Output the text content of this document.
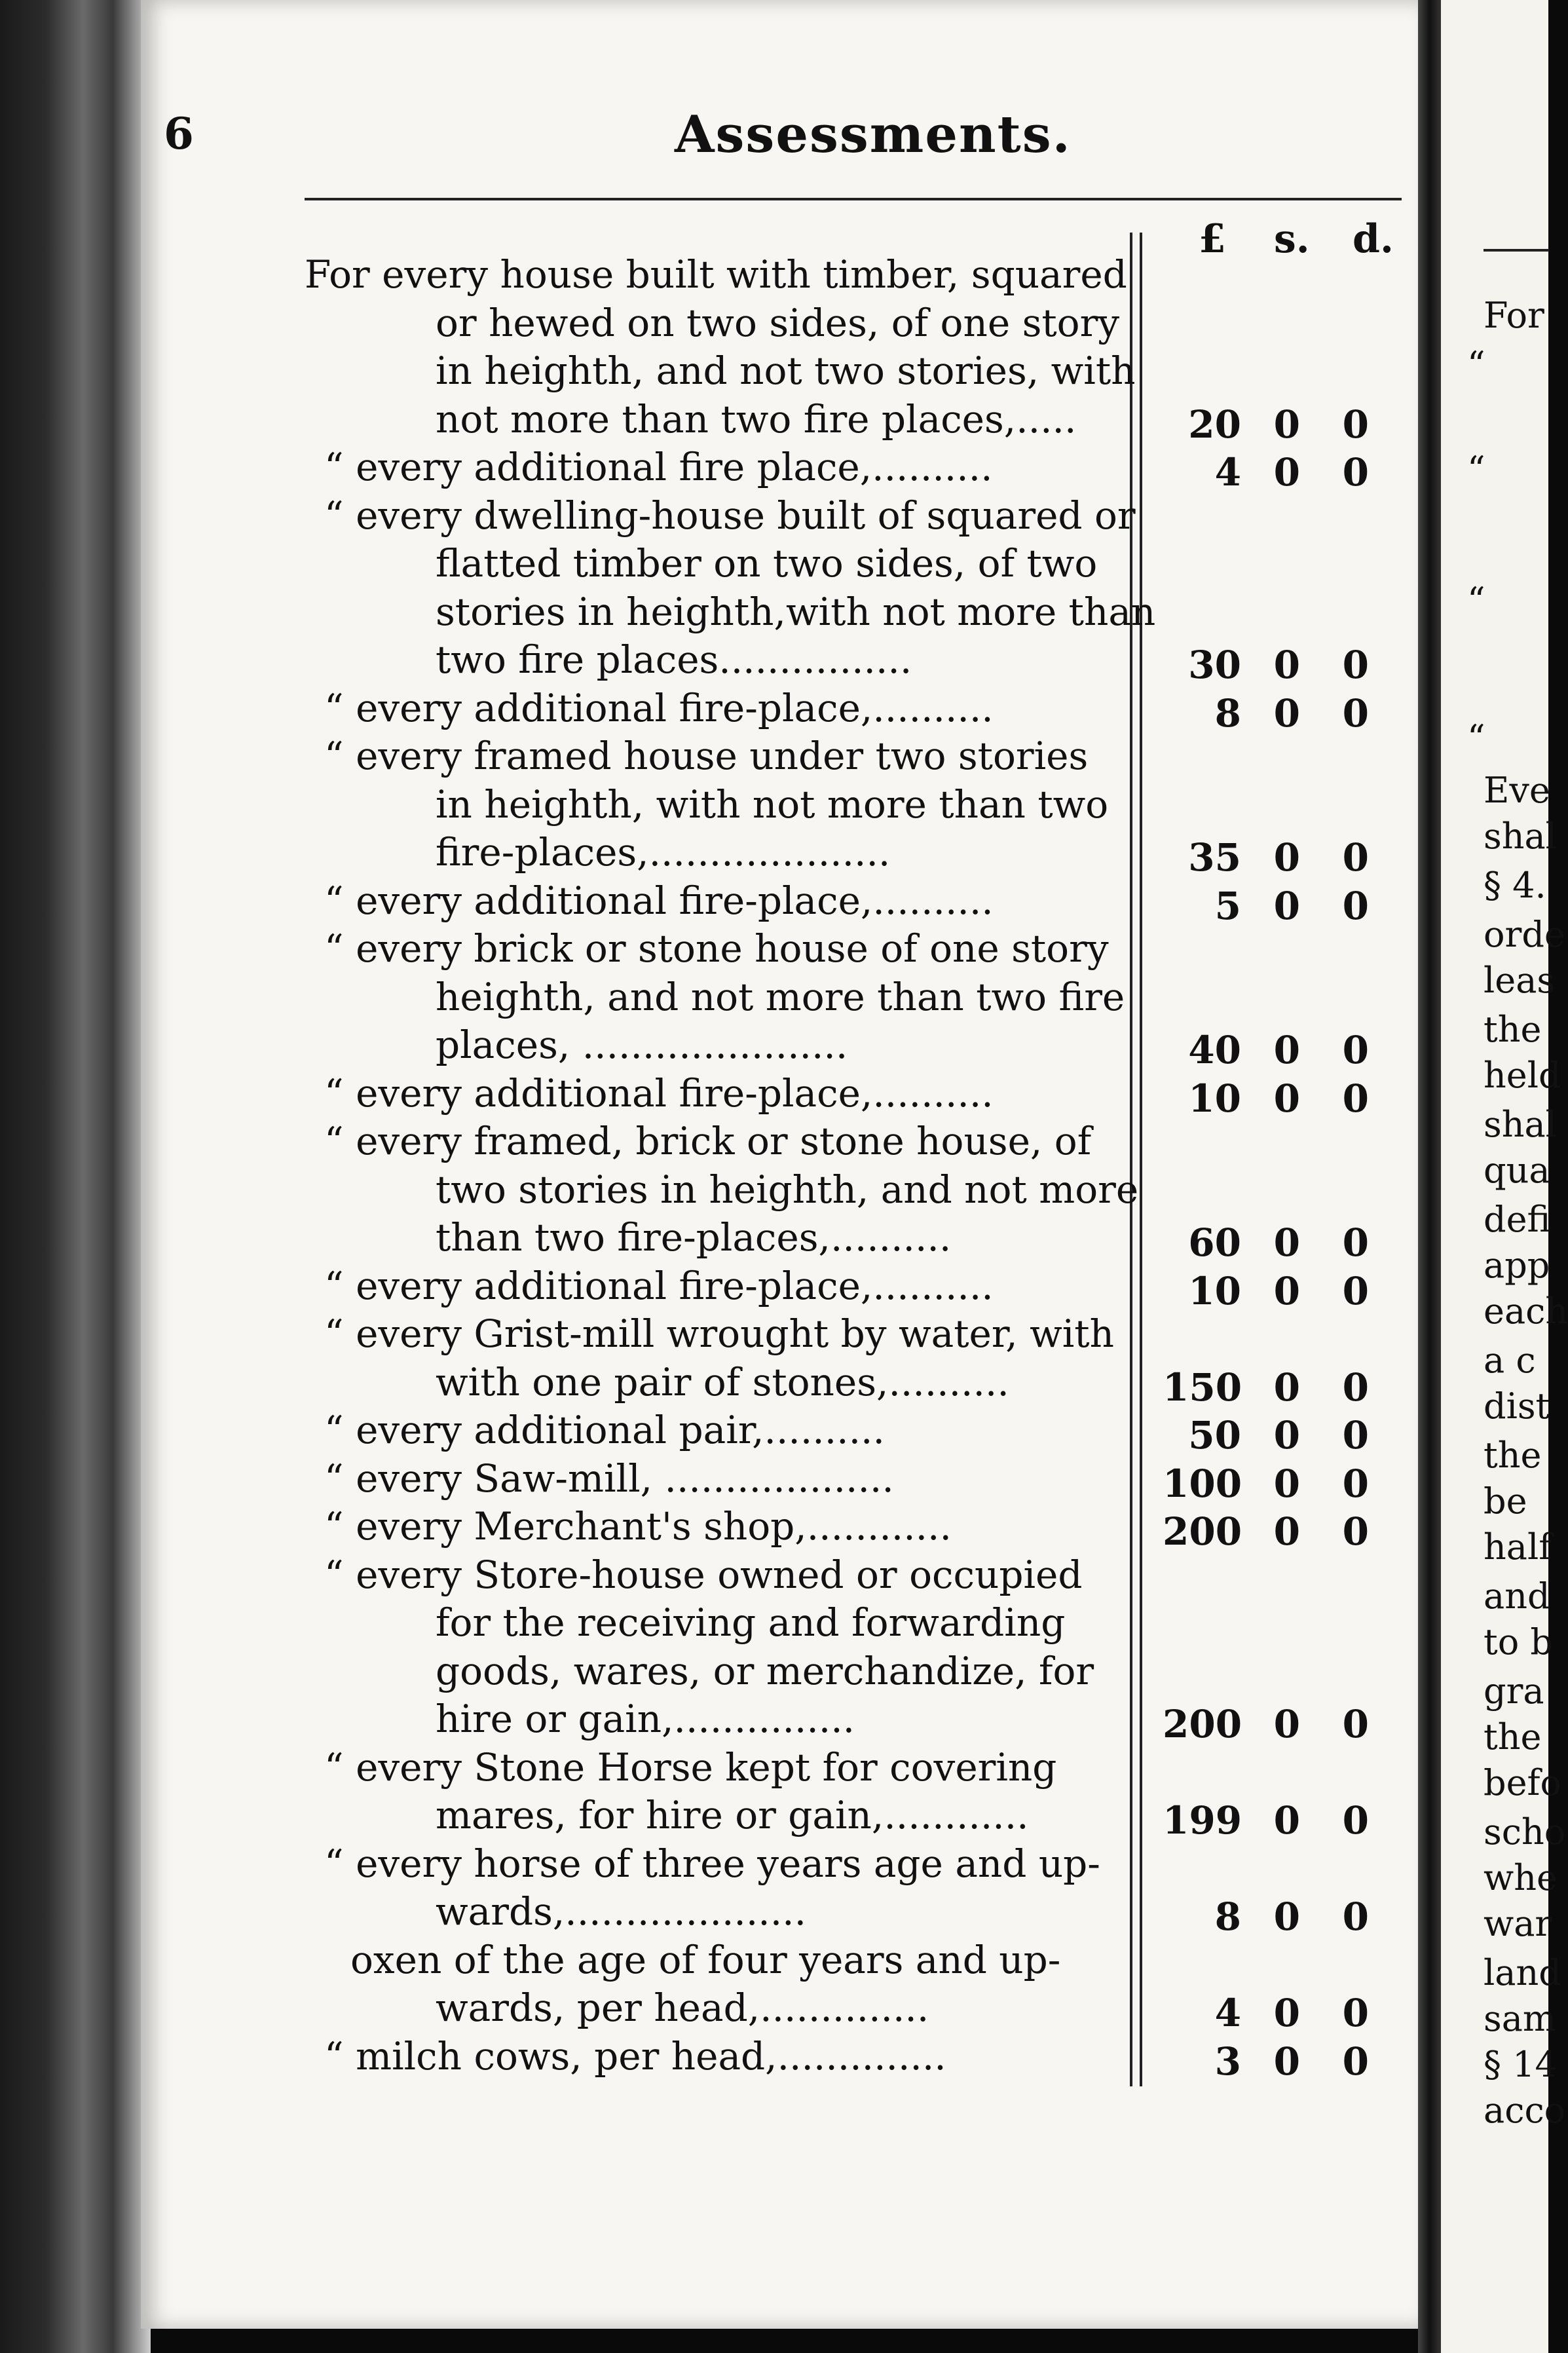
For
“
“
“
“
Eve
shal
§ 4.
orde
leas
the
held
shal
qua
defi
app
each
a c
dist
the
be
half
and
to b
gra
the
befo
scho
whe
war
land
sam
§ 14
acco
6	Assessments.
£ s. d.
For every house built with timber, squared
or hewed on two sides, of one story
in heighth, and not two stories, with
not more than two fire places,.....	20 0	0
“ every additional fire place,..........	4 0	0
“ every dwelling-house built of squared or
flatted timber on two sides, of two
stories in heighth,with not more than
two fire places................	30 0	0
“ every additional fire-place,..........	8 0	0
“ every framed house under two stories
in heighth, with not more than two
fire-places,....................	35 0	0
“ every additional fire-place,..........	5 0	0
“ every brick or stone house of one story
heighth, and not more than two fire
places, ......................	40 0	0
“ every additional fire-place,..........	10 0	0
“ every framed, brick or stone house, of
two stories in heighth, and not more
than two fire-places,..........	60 0	0
“ every additional fire-place,..........	10 0	0
“ every Grist-mill wrought by water, with
with one pair of stones,..........	150 0	0
“ every additional pair,..........	50 0	0
“ every Saw-mill, ...................	100 0	0
“ every Merchant's shop,............	200 0	0
“ every Store-house owned or occupied
for the receiving and forwarding
goods, wares, or merchandize, for
hire or gain,...............	200 0	0
“ every Stone Horse kept for covering
mares, for hire or gain,............	199 0	0
“ every horse of three years age and up-
wards,....................	8 0	0
oxen of the age of four years and up-
wards, per head,..............	4 0	0
“ milch cows, per head,..............	3 0	0
